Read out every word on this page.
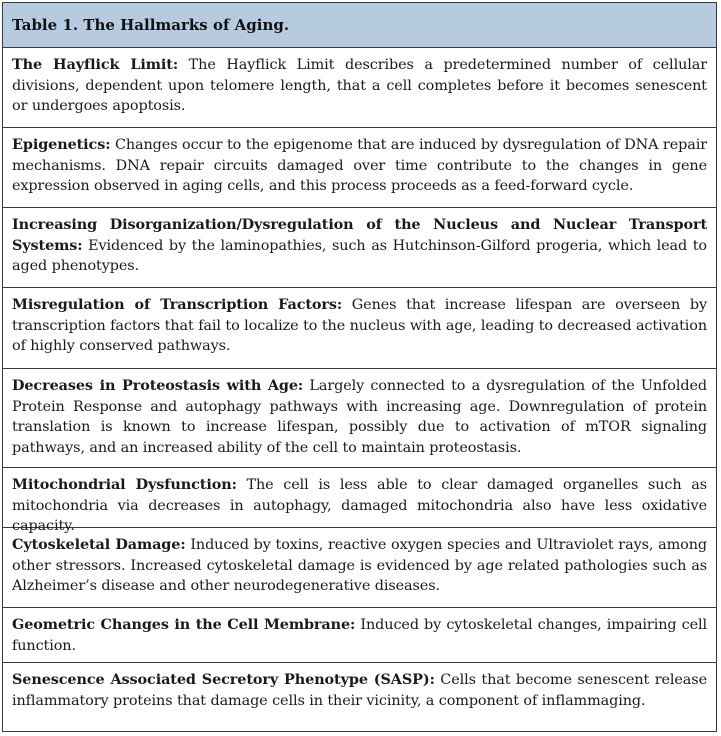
Table 1. The Hallmarks of Aging.
The Hayflick Limit: The Hayflick Limit describes a predetermined number of cellular divisions, dependent upon telomere length, that a cell completes before it becomes senescent or undergoes apoptosis.
Epigenetics: Changes occur to the epigenome that are induced by dysregulation of DNA repair mechanisms. DNA repair circuits damaged over time contribute to the changes in gene expression observed in aging cells, and this process proceeds as a feed-forward cycle.
Increasing Disorganization/Dysregulation of the Nucleus and Nuclear Transport Systems: Evidenced by the laminopathies, such as Hutchinson-Gilford progeria, which lead to aged phenotypes.
Misregulation of Transcription Factors: Genes that increase lifespan are overseen by transcription factors that fail to localize to the nucleus with age, leading to decreased activation of highly conserved pathways.
Decreases in Proteostasis with Age: Largely connected to a dysregulation of the Unfolded Protein Response and autophagy pathways with increasing age. Downregulation of protein translation is known to increase lifespan, possibly due to activation of mTOR signaling pathways, and an increased ability of the cell to maintain proteostasis.
Mitochondrial Dysfunction: The cell is less able to clear damaged organelles such as mitochondria via decreases in autophagy, damaged mitochondria also have less oxidative capacity.
Cytoskeletal Damage: Induced by toxins, reactive oxygen species and Ultraviolet rays, among other stressors. Increased cytoskeletal damage is evidenced by age related pathologies such as Alzheimer’s disease and other neurodegenerative diseases.
Geometric Changes in the Cell Membrane: Induced by cytoskeletal changes, impairing cell function.
Senescence Associated Secretory Phenotype (SASP): Cells that become senescent release inflammatory proteins that damage cells in their vicinity, a component of inflammaging.
